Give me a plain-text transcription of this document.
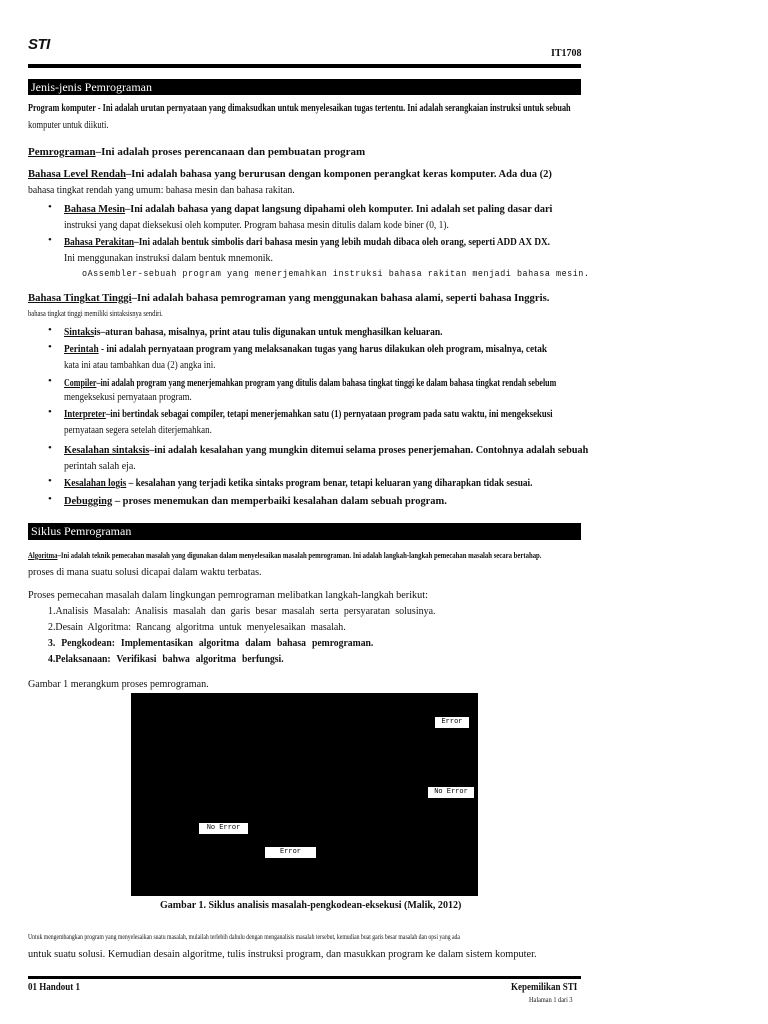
STI
IT1708
Jenis-jenis Pemrograman
Program komputer - Ini adalah urutan pernyataan yang dimaksudkan untuk menyelesaikan tugas tertentu. Ini adalah serangkaian instruksi untuk sebuah
komputer untuk diikuti.
Pemrograman–Ini adalah proses perencanaan dan pembuatan program
Bahasa Level Rendah–Ini adalah bahasa yang berurusan dengan komponen perangkat keras komputer. Ada dua (2)
bahasa tingkat rendah yang umum: bahasa mesin dan bahasa rakitan.
• Bahasa Mesin–Ini adalah bahasa yang dapat langsung dipahami oleh komputer. Ini adalah set paling dasar dari
instruksi yang dapat dieksekusi oleh komputer. Program bahasa mesin ditulis dalam kode biner (0, 1).
• Bahasa Perakitan–Ini adalah bentuk simbolis dari bahasa mesin yang lebih mudah dibaca oleh orang, seperti ADD AX DX.
Ini menggunakan instruksi dalam bentuk mnemonik.
oAssembler-sebuah program yang menerjemahkan instruksi bahasa rakitan menjadi bahasa mesin.
Bahasa Tingkat Tinggi–Ini adalah bahasa pemrograman yang menggunakan bahasa alami, seperti bahasa Inggris.
bahasa tingkat tinggi memiliki sintaksisnya sendiri.
• Sintaksis–aturan bahasa, misalnya, print atau tulis digunakan untuk menghasilkan keluaran.
• Perintah - ini adalah pernyataan program yang melaksanakan tugas yang harus dilakukan oleh program, misalnya, cetak
kata ini atau tambahkan dua (2) angka ini.
• Compiler–ini adalah program yang menerjemahkan program yang ditulis dalam bahasa tingkat tinggi ke dalam bahasa tingkat rendah sebelum
mengeksekusi pernyataan program.
• Interpreter–ini bertindak sebagai compiler, tetapi menerjemahkan satu (1) pernyataan program pada satu waktu, ini mengeksekusi
pernyataan segera setelah diterjemahkan.
• Kesalahan sintaksis–ini adalah kesalahan yang mungkin ditemui selama proses penerjemahan. Contohnya adalah sebuah
perintah salah eja.
• Kesalahan logis – kesalahan yang terjadi ketika sintaks program benar, tetapi keluaran yang diharapkan tidak sesuai.
• Debugging – proses menemukan dan memperbaiki kesalahan dalam sebuah program.
Siklus Pemrograman
Algoritma–Ini adalah teknik pemecahan masalah yang digunakan dalam menyelesaikan masalah pemrograman. Ini adalah langkah-langkah pemecahan masalah secara bertahap.
proses di mana suatu solusi dicapai dalam waktu terbatas.
Proses pemecahan masalah dalam lingkungan pemrograman melibatkan langkah-langkah berikut:
1.Analisis Masalah: Analisis masalah dan garis besar masalah serta persyaratan solusinya.
2.Desain Algoritma: Rancang algoritma untuk menyelesaikan masalah.
3. Pengkodean: Implementasikan algoritma dalam bahasa pemrograman.
4.Pelaksanaan: Verifikasi bahwa algoritma berfungsi.
Gambar 1 merangkum proses pemrograman.
Error
No Error
No Error
Error
Gambar 1. Siklus analisis masalah-pengkodean-eksekusi (Malik, 2012)
Untuk mengembangkan program yang menyelesaikan suatu masalah, mulailah terlebih dahulu dengan menganalisis masalah tersebut, kemudian buat garis besar masalah dan opsi yang ada
untuk suatu solusi. Kemudian desain algoritme, tulis instruksi program, dan masukkan program ke dalam sistem komputer.
01 Handout 1	Kepemilikan STI
Halaman 1 dari 3
